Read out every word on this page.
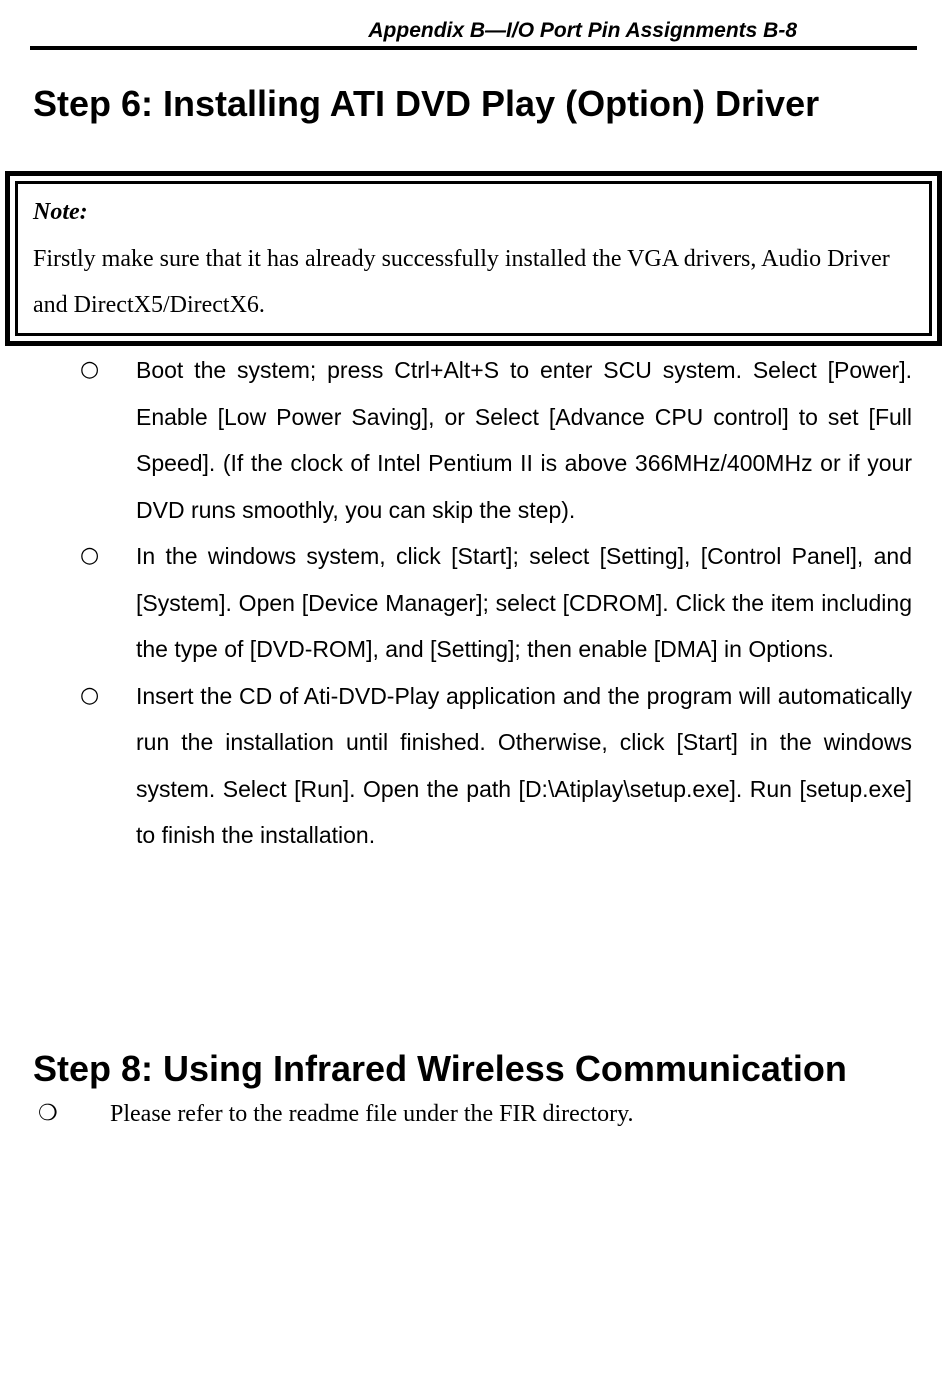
Appendix B—I/O Port Pin Assignments B-8
Step 6: Installing ATI DVD Play (Option) Driver
Note:
Firstly make sure that it has already successfully installed the VGA drivers, Audio Driver and DirectX5/DirectX6.
○ Boot the system; press Ctrl+Alt+S to enter SCU system. Select [Power]. Enable [Low Power Saving], or Select [Advance CPU control] to set [Full Speed]. (If the clock of Intel Pentium II is above 366MHz/400MHz or if your DVD runs smoothly, you can skip the step).
○ In the windows system, click [Start]; select [Setting], [Control Panel], and [System]. Open [Device Manager]; select [CDROM]. Click the item including the type of [DVD-ROM], and [Setting]; then enable [DMA] in Options.
○ Insert the CD of Ati-DVD-Play application and the program will automatically run the installation until finished. Otherwise, click [Start] in the windows system. Select [Run]. Open the path [D:\Atiplay\setup.exe]. Run [setup.exe] to finish the installation.
Step 8: Using Infrared Wireless Communication
❍ Please refer to the readme file under the FIR directory.
